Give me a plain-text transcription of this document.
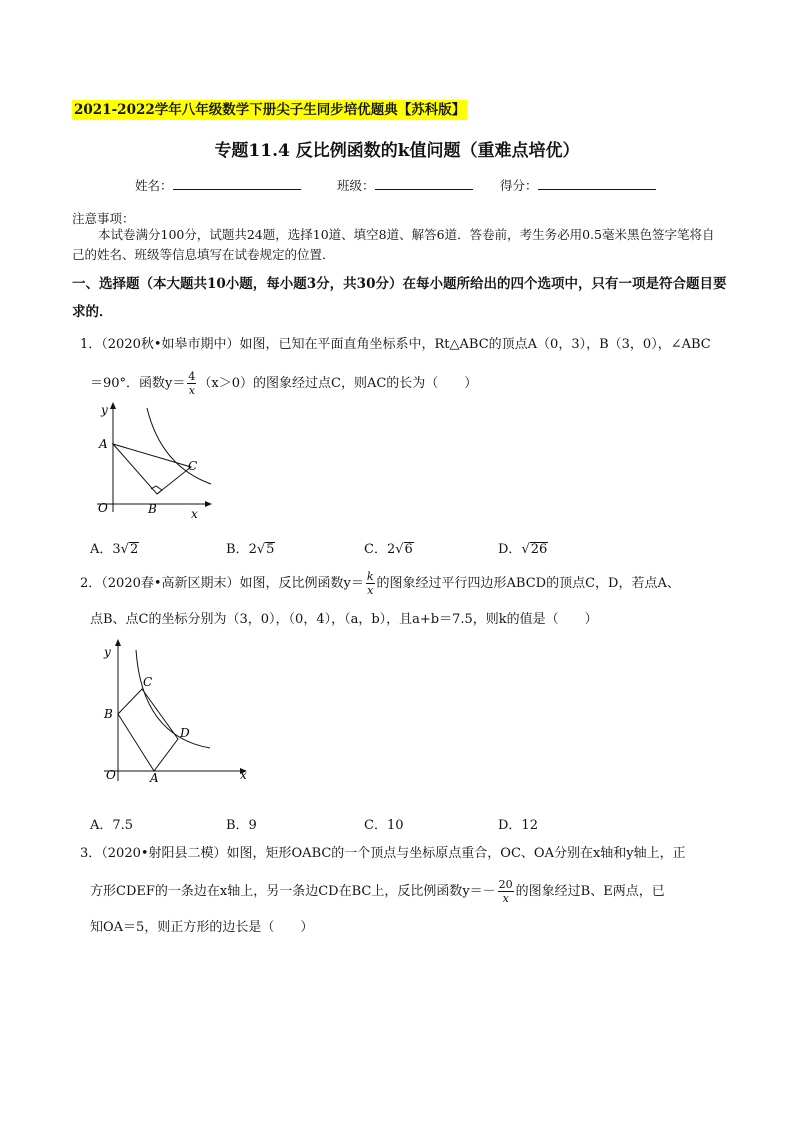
2021-2022学年八年级数学下册尖子生同步培优题典【苏科版】
专题11.4 反比例函数的k值问题（重难点培优）
姓名：	班级：	得分：
注意事项：
本试卷满分100分，试题共24题，选择10道、填空8道、解答6道．答卷前，考生务必用0.5毫米黑色签字笔将自己的姓名、班级等信息填写在试卷规定的位置．
一、选择题（本大题共10小题，每小题3分，共30分）在每小题所给出的四个选项中，只有一项是符合题目要求的．
1．（2020秋•如皋市期中）如图，已知在平面直角坐标系中，Rt△ABC的顶点A（0，3），B（3，0），∠ABC
＝90°．函数$y= \frac{4}{x} (x>0)$的图象经过点C，则AC的长为（　　）
y
x
O
A
B
C
A．3√2	B．2√5	C．2√6	D．√26
2．（2020春•高新区期末）如图，反比例函数$y= \frac{k}{x}$ 的图象经过平行四边形ABCD的顶点C，D，若点A、
点B、点C的坐标分别为（3，0），（0，4），（a，b），且a+b＝7.5，则k的值是（　　）
y
x
O	A
B
C
D
A．7.5	B．9	C．10	D．12
3．（2020•射阳县二模）如图，矩形OABC的一个顶点与坐标原点重合，OC、OA分别在x轴和y轴上，正
方形CDEF的一条边在x轴上，另一条边CD在BC上，反比例函数$y=- \frac{20}{x}$ 的图象经过B、E两点，已
知OA＝5，则正方形的边长是（　　）
